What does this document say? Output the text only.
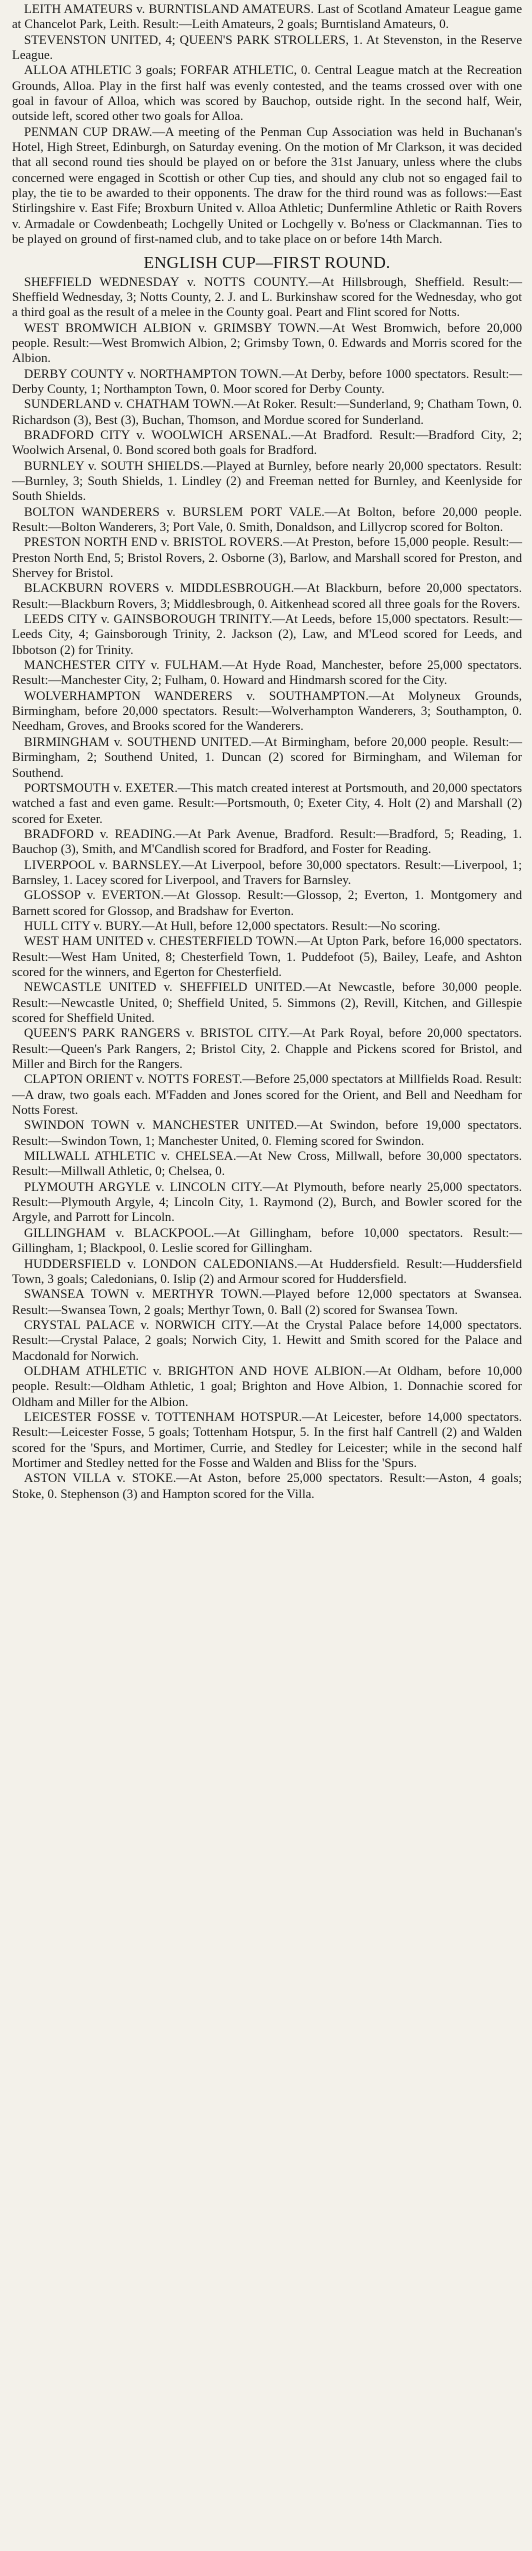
LEITH AMATEURS v. BURNTISLAND AMATEURS. Last of Scotland Amateur League game at Chancelot Park, Leith. Result:—Leith Amateurs, 2 goals; Burntisland Amateurs, 0.

STEVENSTON UNITED, 4; QUEEN'S PARK STROLLERS, 1. At Stevenston, in the Reserve League.

ALLOA ATHLETIC 3 goals; FORFAR ATHLETIC, 0. Central League match at the Recreation Grounds, Alloa. Play in the first half was evenly contested, and the teams crossed over with one goal in favour of Alloa, which was scored by Bauchop, outside right. In the second half, Weir, outside left, scored other two goals for Alloa.

PENMAN CUP DRAW.—A meeting of the Penman Cup Association was held in Buchanan's Hotel, High Street, Edinburgh, on Saturday evening. On the motion of Mr Clarkson, it was decided that all second round ties should be played on or before the 31st January, unless where the clubs concerned were engaged in Scottish or other Cup ties, and should any club not so engaged fail to play, the tie to be awarded to their opponents. The draw for the third round was as follows:—East Stirlingshire v. East Fife; Broxburn United v. Alloa Athletic; Dunfermline Athletic or Raith Rovers v. Armadale or Cowdenbeath; Lochgelly United or Lochgelly v. Bo'ness or Clackmannan. Ties to be played on ground of first-named club, and to take place on or before 14th March.

ENGLISH CUP—FIRST ROUND.

SHEFFIELD WEDNESDAY v. NOTTS COUNTY.—At Hillsbrough, Sheffield. Result:—Sheffield Wednesday, 3; Notts County, 2. J. and L. Burkinshaw scored for the Wednesday, who got a third goal as the result of a melee in the County goal. Peart and Flint scored for Notts.

WEST BROMWICH ALBION v. GRIMSBY TOWN.—At West Bromwich, before 20,000 people. Result:—West Bromwich Albion, 2; Grimsby Town, 0. Edwards and Morris scored for the Albion.

DERBY COUNTY v. NORTHAMPTON TOWN.—At Derby, before 1000 spectators. Result:—Derby County, 1; Northampton Town, 0. Moor scored for Derby County.

SUNDERLAND v. CHATHAM TOWN.—At Roker. Result:—Sunderland, 9; Chatham Town, 0. Richardson (3), Best (3), Buchan, Thomson, and Mordue scored for Sunderland.

BRADFORD CITY v. WOOLWICH ARSENAL.—At Bradford. Result:—Bradford City, 2; Woolwich Arsenal, 0. Bond scored both goals for Bradford.

BURNLEY v. SOUTH SHIELDS.—Played at Burnley, before nearly 20,000 spectators. Result:—Burnley, 3; South Shields, 1. Lindley (2) and Freeman netted for Burnley, and Keenlyside for South Shields.

BOLTON WANDERERS v. BURSLEM PORT VALE.—At Bolton, before 20,000 people. Result:—Bolton Wanderers, 3; Port Vale, 0. Smith, Donaldson, and Lillycrop scored for Bolton.

PRESTON NORTH END v. BRISTOL ROVERS.—At Preston, before 15,000 people. Result:—Preston North End, 5; Bristol Rovers, 2. Osborne (3), Barlow, and Marshall scored for Preston, and Shervey for Bristol.

BLACKBURN ROVERS v. MIDDLESBROUGH.—At Blackburn, before 20,000 spectators. Result:—Blackburn Rovers, 3; Middlesbrough, 0. Aitkenhead scored all three goals for the Rovers.

LEEDS CITY v. GAINSBOROUGH TRINITY.—At Leeds, before 15,000 spectators. Result:—Leeds City, 4; Gainsborough Trinity, 2. Jackson (2), Law, and M'Leod scored for Leeds, and Ibbotson (2) for Trinity.

MANCHESTER CITY v. FULHAM.—At Hyde Road, Manchester, before 25,000 spectators. Result:—Manchester City, 2; Fulham, 0. Howard and Hindmarsh scored for the City.

WOLVERHAMPTON WANDERERS v. SOUTHAMPTON.—At Molyneux Grounds, Birmingham, before 20,000 spectators. Result:—Wolverhampton Wanderers, 3; Southampton, 0. Needham, Groves, and Brooks scored for the Wanderers.

BIRMINGHAM v. SOUTHEND UNITED.—At Birmingham, before 20,000 people. Result:—Birmingham, 2; Southend United, 1. Duncan (2) scored for Birmingham, and Wileman for Southend.

PORTSMOUTH v. EXETER.—This match created interest at Portsmouth, and 20,000 spectators watched a fast and even game. Result:—Portsmouth, 0; Exeter City, 4. Holt (2) and Marshall (2) scored for Exeter.

BRADFORD v. READING.—At Park Avenue, Bradford. Result:—Bradford, 5; Reading, 1. Bauchop (3), Smith, and M'Candlish scored for Bradford, and Foster for Reading.

LIVERPOOL v. BARNSLEY.—At Liverpool, before 30,000 spectators. Result:—Liverpool, 1; Barnsley, 1. Lacey scored for Liverpool, and Travers for Barnsley.

GLOSSOP v. EVERTON.—At Glossop. Result:—Glossop, 2; Everton, 1. Montgomery and Barnett scored for Glossop, and Bradshaw for Everton.

HULL CITY v. BURY.—At Hull, before 12,000 spectators. Result:—No scoring.

WEST HAM UNITED v. CHESTERFIELD TOWN.—At Upton Park, before 16,000 spectators. Result:—West Ham United, 8; Chesterfield Town, 1. Puddefoot (5), Bailey, Leafe, and Ashton scored for the winners, and Egerton for Chesterfield.

NEWCASTLE UNITED v. SHEFFIELD UNITED.—At Newcastle, before 30,000 people. Result:—Newcastle United, 0; Sheffield United, 5. Simmons (2), Revill, Kitchen, and Gillespie scored for Sheffield United.

QUEEN'S PARK RANGERS v. BRISTOL CITY.—At Park Royal, before 20,000 spectators. Result:—Queen's Park Rangers, 2; Bristol City, 2. Chapple and Pickens scored for Bristol, and Miller and Birch for the Rangers.

CLAPTON ORIENT v. NOTTS FOREST.—Before 25,000 spectators at Millfields Road. Result:—A draw, two goals each. M'Fadden and Jones scored for the Orient, and Bell and Needham for Notts Forest.

SWINDON TOWN v. MANCHESTER UNITED.—At Swindon, before 19,000 spectators. Result:—Swindon Town, 1; Manchester United, 0. Fleming scored for Swindon.

MILLWALL ATHLETIC v. CHELSEA.—At New Cross, Millwall, before 30,000 spectators. Result:—Millwall Athletic, 0; Chelsea, 0.

PLYMOUTH ARGYLE v. LINCOLN CITY.—At Plymouth, before nearly 25,000 spectators. Result:—Plymouth Argyle, 4; Lincoln City, 1. Raymond (2), Burch, and Bowler scored for the Argyle, and Parrott for Lincoln.

GILLINGHAM v. BLACKPOOL.—At Gillingham, before 10,000 spectators. Result:—Gillingham, 1; Blackpool, 0. Leslie scored for Gillingham.

HUDDERSFIELD v. LONDON CALEDONIANS.—At Huddersfield. Result:—Huddersfield Town, 3 goals; Caledonians, 0. Islip (2) and Armour scored for Huddersfield.

SWANSEA TOWN v. MERTHYR TOWN.—Played before 12,000 spectators at Swansea. Result:—Swansea Town, 2 goals; Merthyr Town, 0. Ball (2) scored for Swansea Town.

CRYSTAL PALACE v. NORWICH CITY.—At the Crystal Palace before 14,000 spectators. Result:—Crystal Palace, 2 goals; Norwich City, 1. Hewitt and Smith scored for the Palace and Macdonald for Norwich.

OLDHAM ATHLETIC v. BRIGHTON AND HOVE ALBION.—At Oldham, before 10,000 people. Result:—Oldham Athletic, 1 goal; Brighton and Hove Albion, 1. Donnachie scored for Oldham and Miller for the Albion.

LEICESTER FOSSE v. TOTTENHAM HOTSPUR.—At Leicester, before 14,000 spectators. Result:—Leicester Fosse, 5 goals; Tottenham Hotspur, 5. In the first half Cantrell (2) and Walden scored for the 'Spurs, and Mortimer, Currie, and Stedley for Leicester; while in the second half Mortimer and Stedley netted for the Fosse and Walden and Bliss for the 'Spurs.

ASTON VILLA v. STOKE.—At Aston, before 25,000 spectators. Result:—Aston, 4 goals; Stoke, 0. Stephenson (3) and Hampton scored for the Villa.
